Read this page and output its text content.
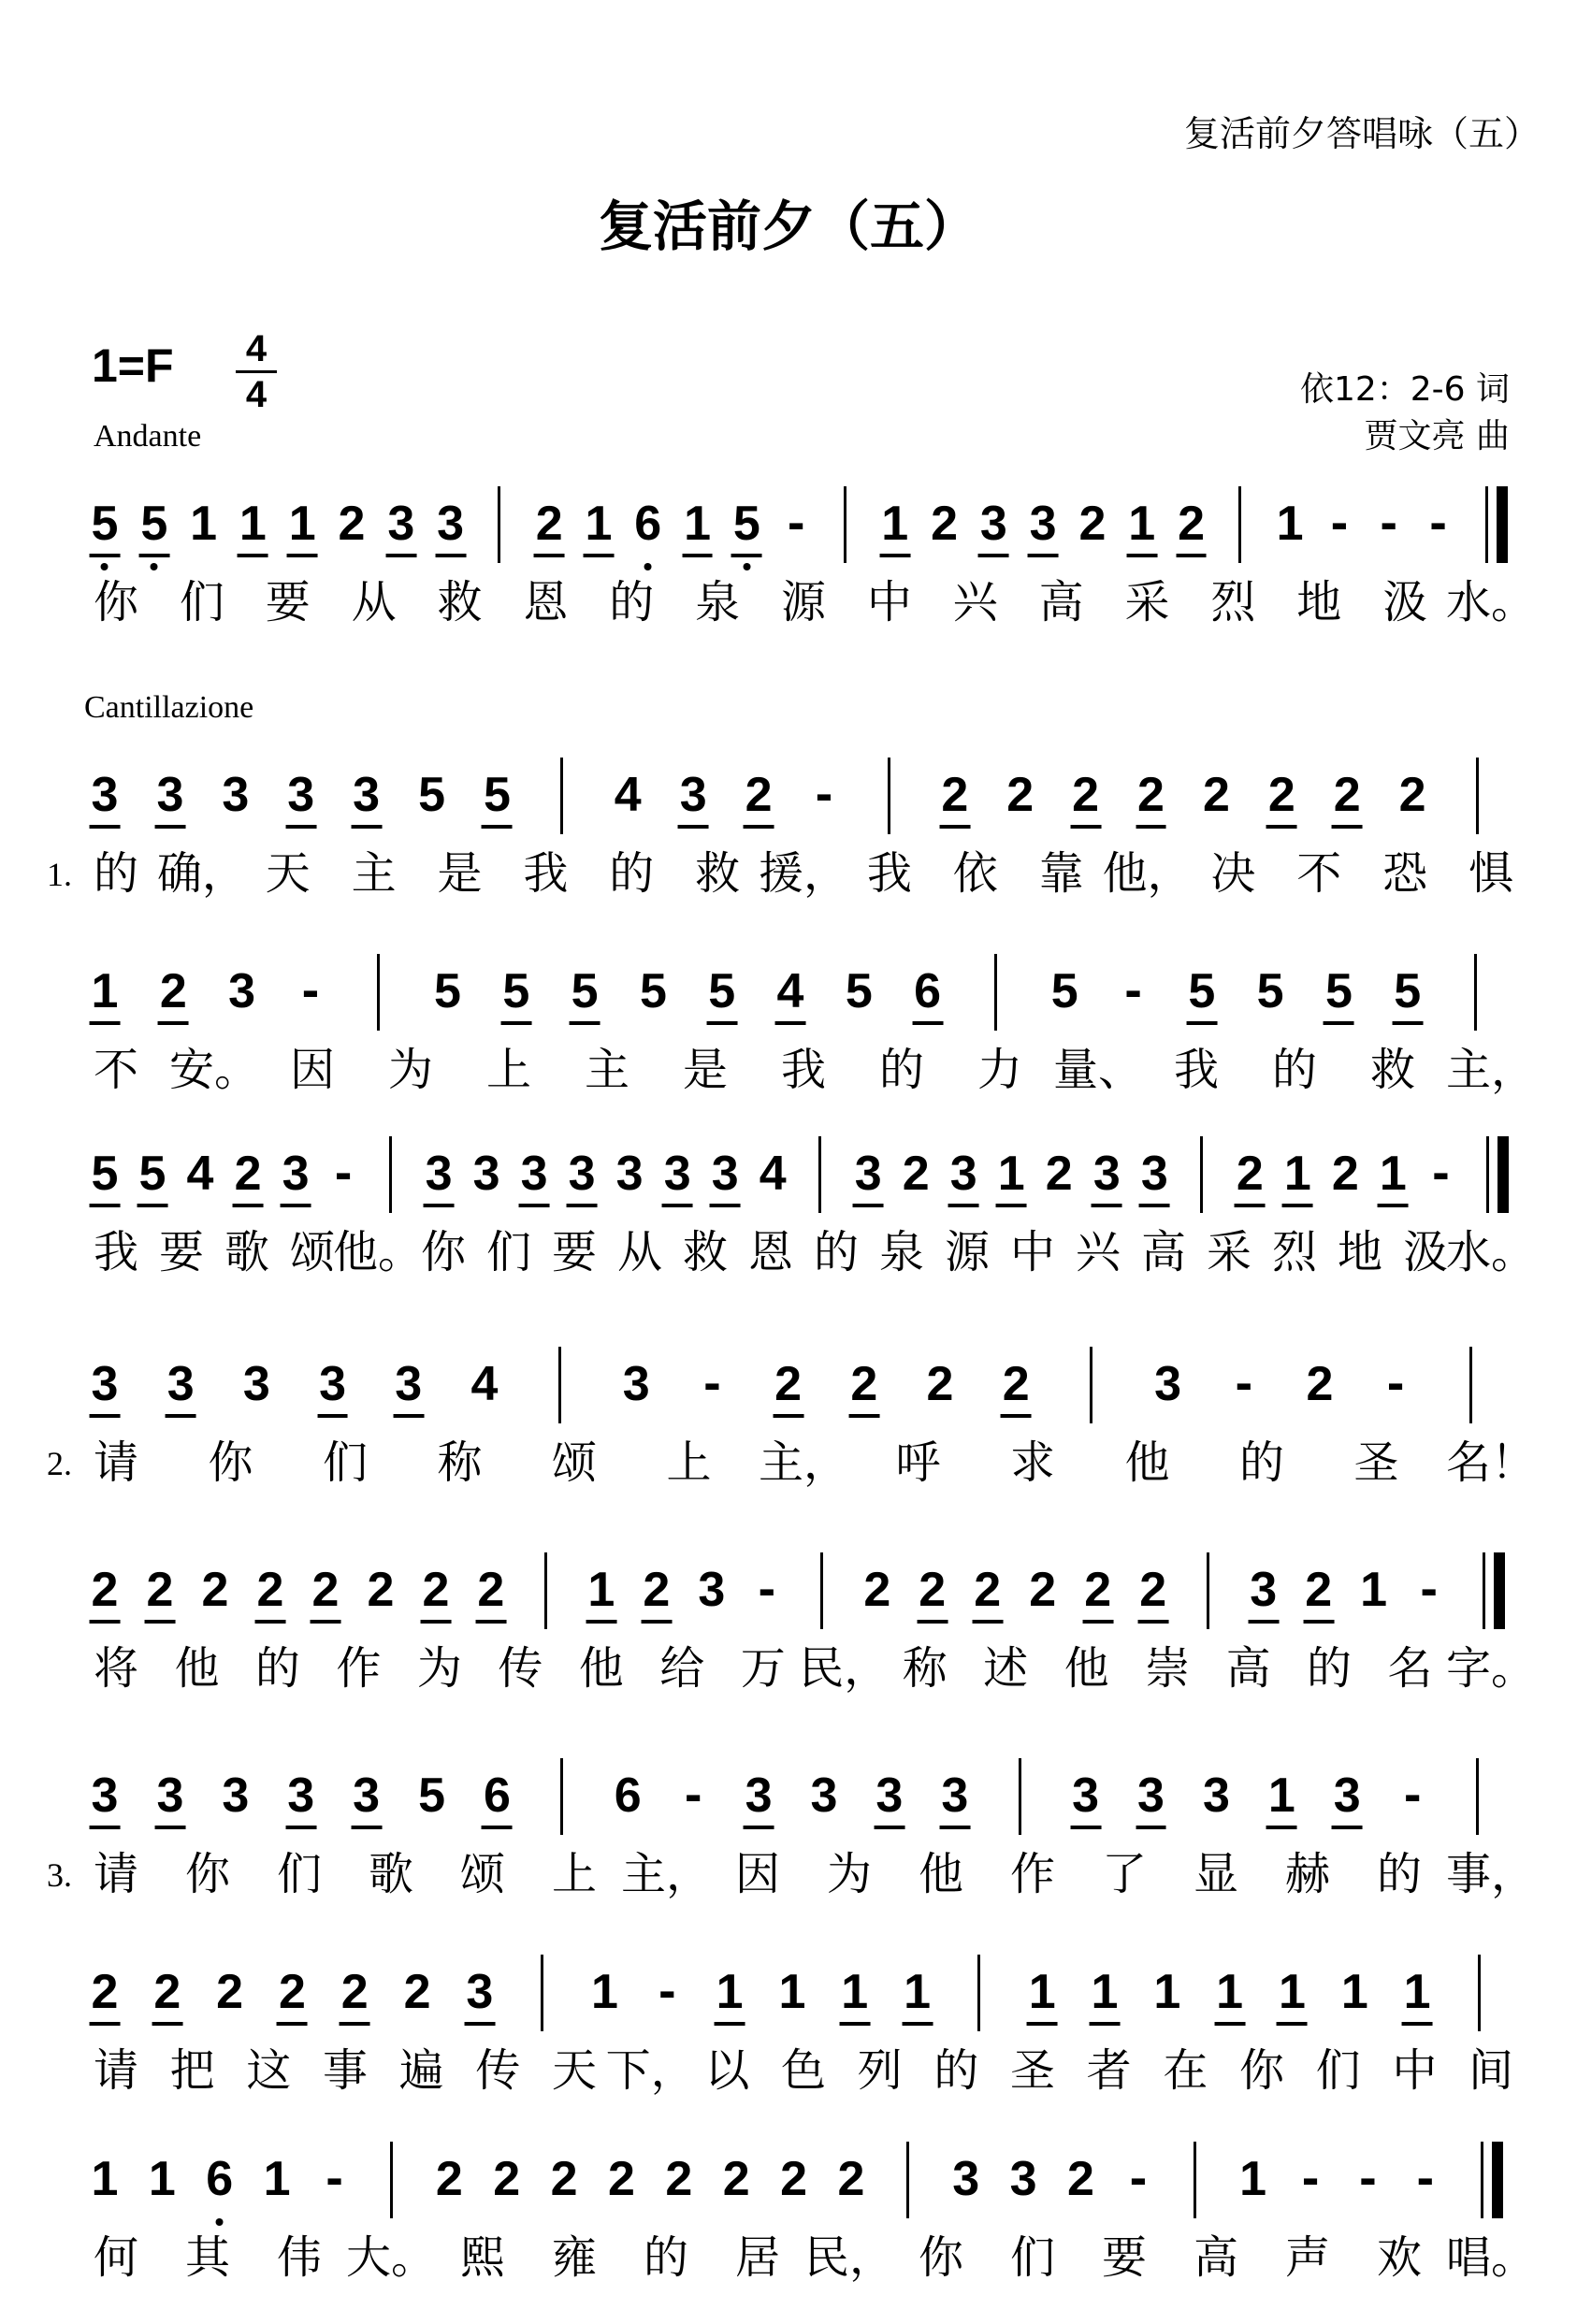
复活前夕答唱咏（五）
复活前夕（五）
1=F 4
4
Andante
依12：2-6 词
贾文亮 曲
Cantillazione
5 5 1 1 1 2 3 3 2 1 6 1 5 - 1 2 3 3 2 1 2 1 - - -
你 们 要 从 救 恩 的 泉 源 中 兴 高 采 烈 地 汲 水。
3 3 3 3 3 5 5 4 3 2 - 2 2 2 2 2 2 2 2
的 确， 天 主 是 我 的 救 援， 我 依 靠 他， 决 不 恐 惧
1.
1 2 3 - 5 5 5 5 5 4 5 6 5 - 5 5 5 5
不 安。 因 为 上 主 是 我 的 力 量、 我 的 救 主，
5 5 4 2 3 - 3 3 3 3 3 3 3 4 3 2 3 1 2 3 3 2 1 2 1 -
我 要 歌 颂
他。
你 们 要 从 救 恩 的 泉 源 中 兴 高 采 烈 地 汲
水。
3 3 3 3 3 4	3 - 2 2 2 2	3 - 2 -
请 你 们 称 颂 上 主， 呼 求 他 的 圣 名！
2.
2 2 2 2 2 2 2 2 1 2 3 - 2 2 2 2 2 2 3 2 1 -
将 他 的 作 为 传 他 给 万 民， 称 述 他 崇 高 的 名 字。
3 3 3 3 3 5 6 6 - 3 3 3 3 3 3 3 1 3 -
请 你 们 歌 颂 上 主， 因 为 他 作 了 显 赫 的 事，
3.
2 2 2 2 2 2 3 1 - 1 1 1 1 1 1 1 1 1 1 1
请 把 这 事 遍 传 天 下， 以 色 列 的 圣 者 在 你 们 中 间
1 1 6 1 - 2 2 2 2 2 2 2 2 3 3 2 - 1 - - -
何 其 伟 大。 熙 雍 的 居 民， 你 们 要 高 声 欢 唱。
